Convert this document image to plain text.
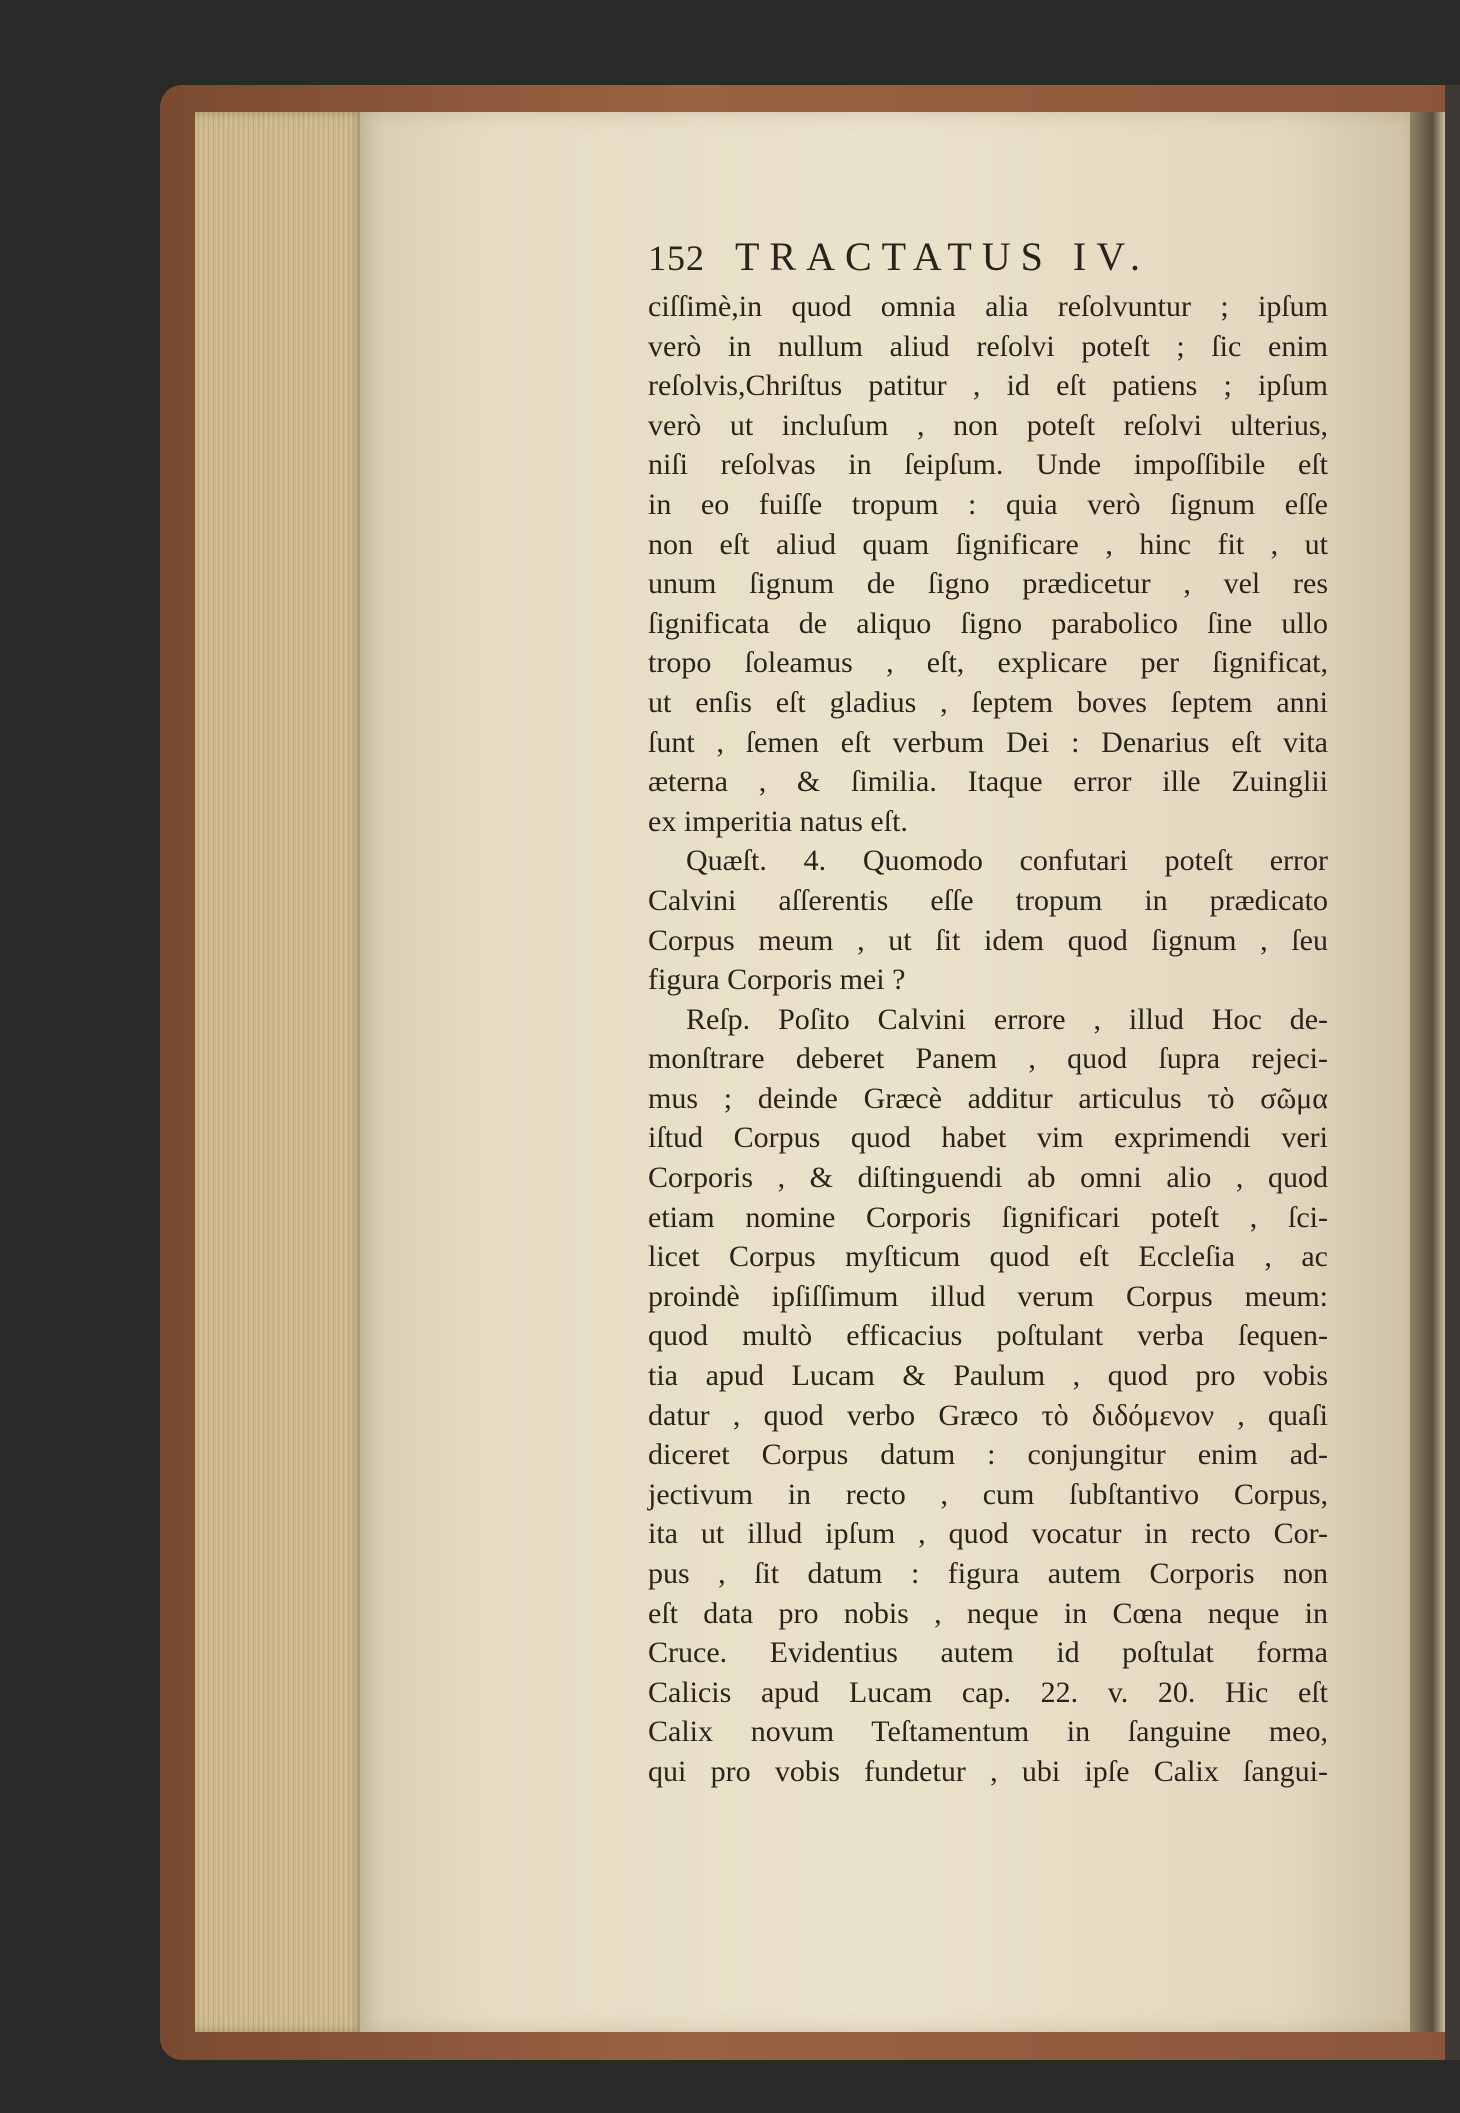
152 TRACTATUS IV.
ciſſimè,in quod omnia alia reſolvuntur ; ipſum
verò in nullum aliud reſolvi poteſt ; ſic enim
reſolvis,Chriſtus patitur , id eſt patiens ; ipſum
verò ut incluſum , non poteſt reſolvi ulterius,
niſi reſolvas in ſeipſum. Unde impoſſibile eſt
in eo fuiſſe tropum : quia verò ſignum eſſe
non eſt aliud quam ſignificare , hinc fit , ut
unum ſignum de ſigno prædicetur , vel res
ſignificata de aliquo ſigno parabolico ſine ullo
tropo ſoleamus , eſt, explicare per ſignificat,
ut enſis eſt gladius , ſeptem boves ſeptem anni
ſunt , ſemen eſt verbum Dei : Denarius eſt vita
æterna , & ſimilia. Itaque error ille Zuinglii
ex imperitia natus eſt.
Quæſt. 4. Quomodo confutari poteſt error
Calvini aſſerentis eſſe tropum in prædicato
Corpus meum , ut ſit idem quod ſignum , ſeu
figura Corporis mei ?
Reſp. Poſito Calvini errore , illud Hoc de-
monſtrare deberet Panem , quod ſupra rejeci-
mus ; deinde Græcè additur articulus τὸ σῶμα
iſtud Corpus quod habet vim exprimendi veri
Corporis , & diſtinguendi ab omni alio , quod
etiam nomine Corporis ſignificari poteſt , ſci-
licet Corpus myſticum quod eſt Eccleſia , ac
proindè ipſiſſimum illud verum Corpus meum:
quod multò efficacius poſtulant verba ſequen-
tia apud Lucam & Paulum , quod pro vobis
datur , quod verbo Græco τὸ διδόμενον , quaſi
diceret Corpus datum : conjungitur enim ad-
jectivum in recto , cum ſubſtantivo Corpus,
ita ut illud ipſum , quod vocatur in recto Cor-
pus , ſit datum : figura autem Corporis non
eſt data pro nobis , neque in Cœna neque in
Cruce. Evidentius autem id poſtulat forma
Calicis apud Lucam cap. 22. v. 20. Hic eſt
Calix novum Teſtamentum in ſanguine meo,
qui pro vobis fundetur , ubi ipſe Calix ſangui-
